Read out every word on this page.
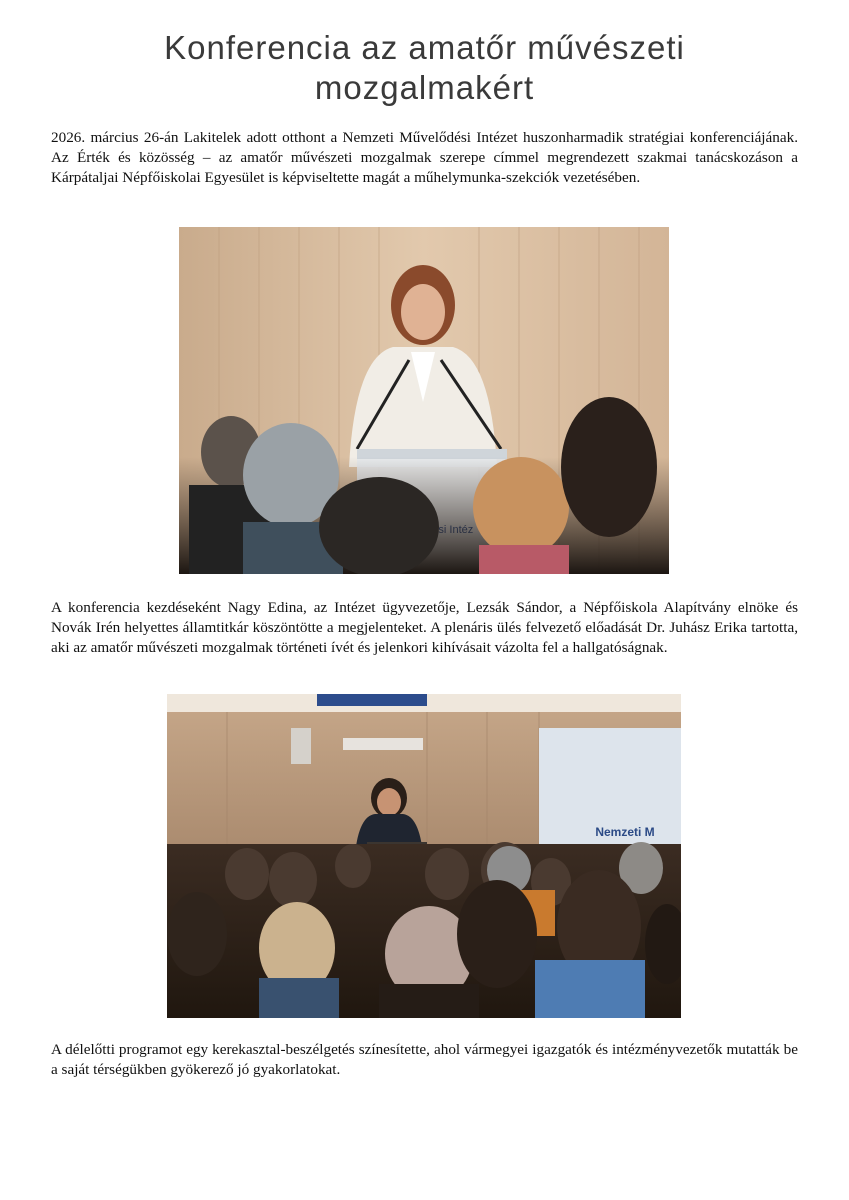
Konferencia az amatőr művészeti
mozgalmakért

2026. március 26-án Lakitelek adott otthont a Nemzeti Művelődési Intézet huszonharmadik stratégiai konferenciájának. Az Érték és közösség – az amatőr művészeti mozgalmak szerepe címmel megrendezett szakmai tanácskozáson a Kárpátaljai Népfőiskolai Egyesület is képviseltette magát a műhelymunka-szekciók vezetésében.

A konferencia kezdéseként Nagy Edina, az Intézet ügyvezetője, Lezsák Sándor, a Népfőiskola Alapítvány elnöke és Novák Irén helyettes államtitkár köszöntötte a megjelenteket. A plenáris ülés felvezető előadását Dr. Juhász Erika tartotta, aki az amatőr művészeti mozgalmak történeti ívét és jelenkori kihívásait vázolta fel a hallgatóságnak.

Nemzeti M

A délelőtti programot egy kerekasztal-beszélgetés színesítette, ahol vármegyei igazgatók és intézményvezetők mutatták be a saját térségükben gyökerező jó gyakorlatokat.
